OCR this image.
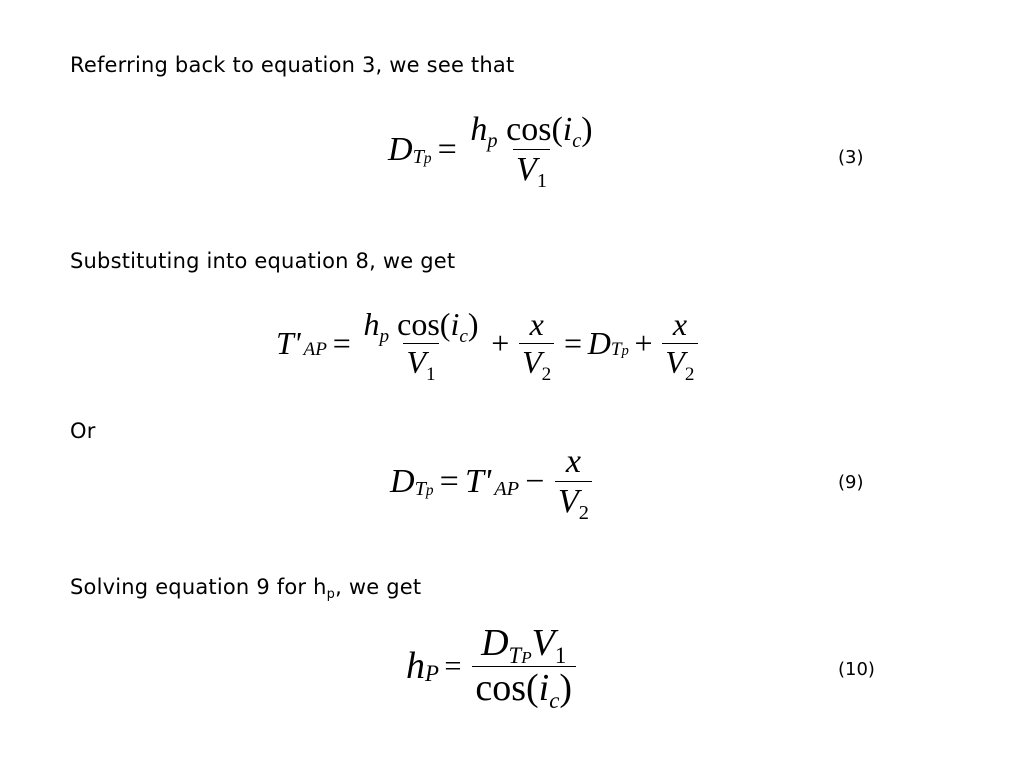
Referring back to equation 3, we see that
D $Tp = \frac{h_p \cos(i_c)}{V_1}$	(3)
Substituting into equation 8, we get
T' AP = $\frac{h_p \cos(i_c)}{V_1} + \frac{x}{V_2} = D$ $Tp + \frac{x}{V_2}$
Or
D Tp = T' AP − $\frac{x}{V_2}$	(9)
Solving equation 9 for $h_p$, we get
h $P = \frac{D_{TP}V_1}{\cos(i_c)}$	(10)
